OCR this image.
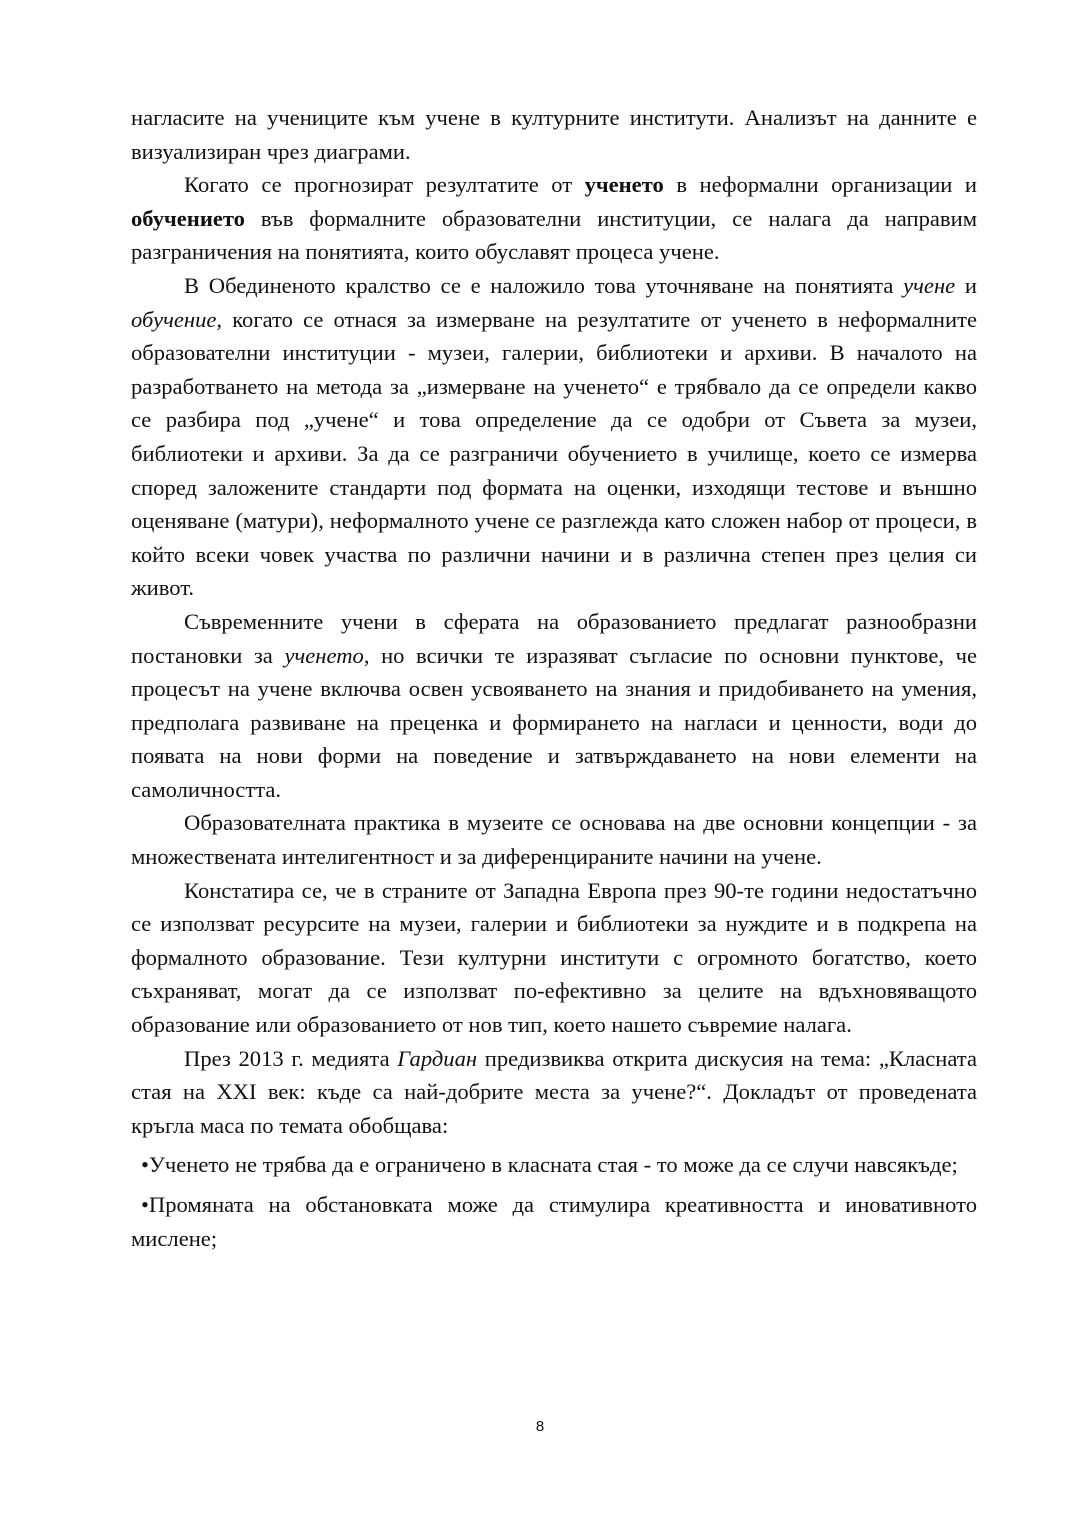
нагласите на учениците към учене в културните институти. Анализът на данните е визуализиран чрез диаграми.

Когато се прогнозират резултатите от ученето в неформални организации и обучението във формалните образователни институции, се налага да направим разграничения на понятията, които обуславят процеса учене.

В Обединеното кралство се е наложило това уточняване на понятията учене и обучение, когато се отнася за измерване на резултатите от ученето в неформалните образователни институции - музеи, галерии, библиотеки и архиви. В началото на разработването на метода за „измерване на ученето“ е трябвало да се определи какво се разбира под „учене“ и това определение да се одобри от Съвета за музеи, библиотеки и архиви. За да се разграничи обучението в училище, което се измерва според заложените стандарти под формата на оценки, изходящи тестове и външно оценяване (матури), неформалното учене се разглежда като сложен набор от процеси, в който всеки човек участва по различни начини и в различна степен през целия си живот.

Съвременните учени в сферата на образованието предлагат разнообразни постановки за ученето, но всички те изразяват съгласие по основни пунктове, че процесът на учене включва освен усвояването на знания и придобиването на умения, предполага развиване на преценка и формирането на нагласи и ценности, води до появата на нови форми на поведение и затвърждаването на нови елементи на самоличността.

Образователната практика в музеите се основава на две основни концепции - за множествената интелигентност и за диференцираните начини на учене.

Констатира се, че в страните от Западна Европа през 90-те години недостатъчно се използват ресурсите на музеи, галерии и библиотеки за нуждите и в подкрепа на формалното образование. Тези културни институти с огромното богатство, което съхраняват, могат да се използват по-ефективно за целите на вдъхновяващото образование или образованието от нов тип, което нашето съвремие налага.

През 2013 г. медията Гардиан предизвиква открита дискусия на тема: „Класната стая на XXI век: къде са най-добрите места за учене?“. Докладът от проведената кръгла маса по темата обобщава:

•Ученето не трябва да е ограничено в класната стая - то може да се случи навсякъде;

•Промяната на обстановката може да стимулира креативността и иновативното мислене;

8
